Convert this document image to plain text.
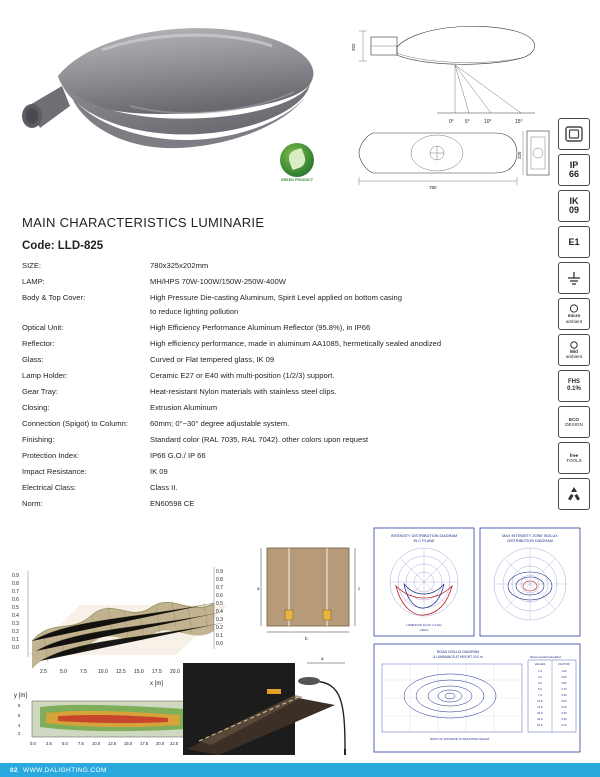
GREEN PRODUCT
202
0° 5°	10°	15°
780
325
IP
66
IK
09
E1
micro
ambient
Mid
ambient
FHS
0.1%
ECO
DESIGN
free
TOOLS
MAIN CHARACTERISTICS LUMINARIE
Code: LLD-825
SIZE:	780x325x202mm
LAMP:	MH/HPS 70W-100W/150W-250W-400W
Body & Top Cover:	High Pressure Die-casting Aluminum, Spirit Level applied on bottom casing
to reduce lighting pollution

Optical Unit:	High Efficiency Performance Aluminum Reflector (95.8%), in IP66
Reflector:	High efficiency performance, made in aluminum AA1085, hermetically sealed anodized
Glass:	Curved or Flat tempered glass, IK 09
Lamp Holder:	Ceramic E27 or E40 with multi-position (1/2/3) support.
Gear Tray:	Heat-resistant Nylon materials with stainless steel clips.
Closing:	Extrusion Aluminum
Connection (Spigot) to Column:	60mm; 0°~30° degree adjustable system.
Finishing:	Standard color (RAL 7035, RAL 7042). other colors upon request
Protection Index:	IP66 G.O./ IP 66
Impact Resistance:	IK 09
Electrical Class:	Class II.
Norm:	EN60598 CE
0.9
0.8
0.7
0.6
0.5
0.4
0.3
0.2
0.1
0.0
0.9
0.8
0.7
0.6
0.5
0.4
0.3
0.2
0.1
0.0
2.5	5.0	7.5 10.0 12.5 15.0 17.5 20.0
x [m]
y [m]
8
6
4
2
0.0 2.5 5.0 7.5 10.0 12.5 15.0 17.5 20.0 22.5
a
b
c
a
INTENSITY DISTRIBUTION DIAGRAM
IN C PLANE
LUMINOUS FLUX: 1.0 klm
cd/klm
MAX INTENSITY ZONE ISOLUX
DISTRIBUTION DIAGRAM
ROAD ISOLUX DIAGRAM
ILLUMINANCE AT HEIGHT 10.0 m	Recommended Calculation
VALUES	FACTOR
1 lx	1.00
2 lx	0.90
3 lx	0.80
5 lx	0.70
7 lx	0.60
10 lx	0.50
15 lx	0.40
20 lx	0.30
30 lx	0.20
50 lx	0.10
RATIO OF DISTANCE TO MOUNTING HEIGHT
02 WWW.DALIGHTING.COM
